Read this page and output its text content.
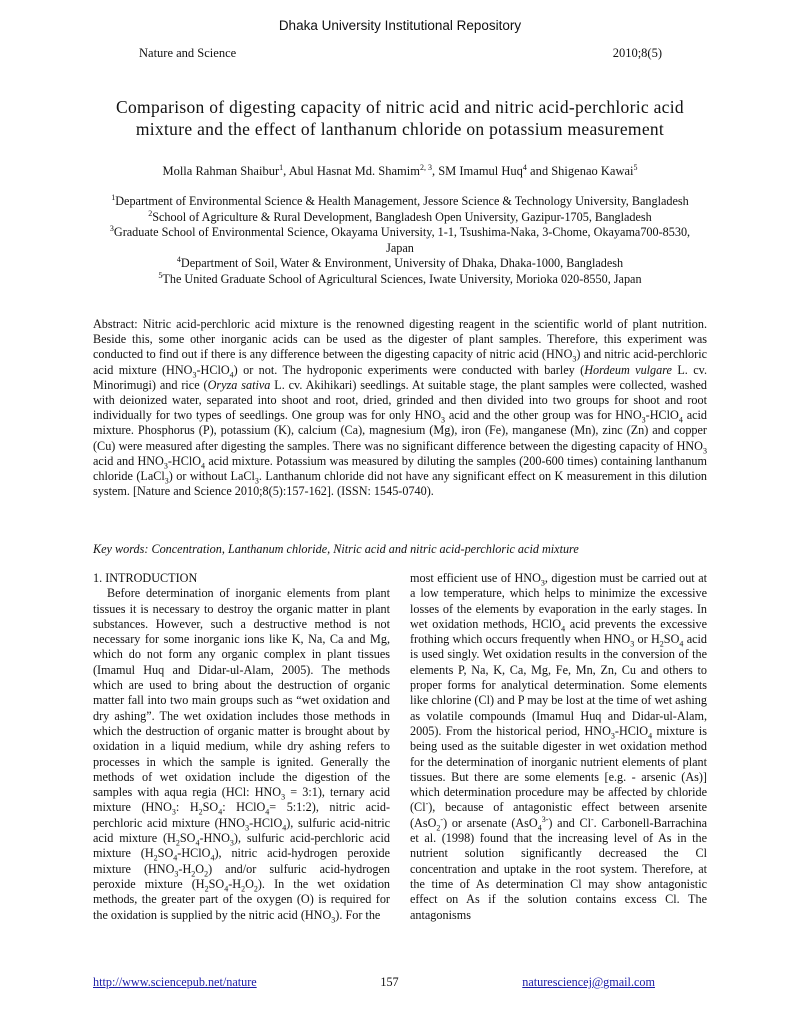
Dhaka University Institutional Repository
Nature and Science	2010;8(5)
Comparison of digesting capacity of nitric acid and nitric acid-perchloric acid
mixture and the effect of lanthanum chloride on potassium measurement
Molla Rahman Shaibur$^1$, Abul Hasnat Md. Shamim$^{2, 3}$, SM Imamul Huq$^4$ and Shigenao Kawai$^5$
$^1$Department of Environmental Science & Health Management, Jessore Science & Technology University, Bangladesh
$^2$School of Agriculture & Rural Development, Bangladesh Open University, Gazipur-1705, Bangladesh
$^3$Graduate School of Environmental Science, Okayama University, 1-1, Tsushima-Naka, 3-Chome, Okayama700-8530, Japan
$^4$Department of Soil, Water & Environment, University of Dhaka, Dhaka-1000, Bangladesh
$^5$The United Graduate School of Agricultural Sciences, Iwate University, Morioka 020-8550, Japan
Abstract: Nitric acid-perchloric acid mixture is the renowned digesting reagent in the scientific world of plant nutrition. Beside this, some other inorganic acids can be used as the digester of plant samples. Therefore, this experiment was conducted to find out if there is any difference between the digesting capacity of nitric acid $(HNO_3)$ and nitric acid-perchloric acid mixture $(HNO_3-HClO_4)$ or not. The hydroponic experiments were conducted with barley (Hordeum vulgare L. cv. Minorimugi) and rice (Oryza sativa L. cv. Akihikari) seedlings. At suitable stage, the plant samples were collected, washed with deionized water, separated into shoot and root, dried, grinded and then divided into two groups for shoot and root individually for two types of seedlings. One group was for only $HNO_3$ acid and the other group was for $HNO_3-HClO_4$ acid mixture. Phosphorus (P), potassium (K), calcium (Ca), magnesium (Mg), iron (Fe), manganese (Mn), zinc (Zn) and copper (Cu) were measured after digesting the samples. There was no significant difference between the digesting capacity of $HNO_3$ acid and $HNO_3-HClO_4$ acid mixture. Potassium was measured by diluting the samples (200-600 times) containing lanthanum chloride (LaCl$_3$) or without LaCl$_3$. Lanthanum chloride did not have any significant effect on K measurement in this dilution system. [Nature and Science 2010;8(5):157-162]. (ISSN: 1545-0740).
Key words: Concentration, Lanthanum chloride, Nitric acid and nitric acid-perchloric acid mixture

1. INTRODUCTION

Before determination of inorganic elements from plant tissues it is necessary to destroy the organic matter in plant substances. However, such a destructive method is not necessary for some inorganic ions like K, Na, Ca and Mg, which do not form any organic complex in plant tissues (Imamul Huq and Didar-ul-Alam, 2005). The methods which are used to bring about the destruction of organic matter fall into two main groups such as “wet oxidation and dry ashing”. The wet oxidation includes those methods in which the destruction of organic matter is brought about by oxidation in a liquid medium, while dry ashing refers to processes in which the sample is ignited. Generally the methods of wet oxidation include the digestion of the samples with aqua regia (HCl: $HNO_3$ = 3:1), ternary acid mixture ($HNO_3$: $H_2SO_4$: HClO$_4$= 5:1:2), nitric acid-perchloric acid mixture $(HNO_3-HClO_4)$, sulfuric acid-nitric acid mixture $(H_2SO_4-HNO_3)$, sulfuric acid-perchloric acid mixture $(H_2SO_4-HClO_4)$, nitric acid-hydrogen peroxide mixture $(HNO_3-H_2O_2)$ and/or sulfuric acid-hydrogen peroxide mixture $(H_2SO_4-H_2O_2)$. In the wet oxidation methods, the greater part of the oxygen (O) is required for the oxidation is supplied by the nitric acid $(HNO_3)$. For the

most efficient use of $HNO_3$, digestion must be carried out at a low temperature, which helps to minimize the excessive losses of the elements by evaporation in the early stages. In wet oxidation methods, HClO$_4$ acid prevents the excessive frothing which occurs frequently when $HNO_3$ or $H_2SO_4$ acid is used singly. Wet oxidation results in the conversion of the elements P, Na, K, Ca, Mg, Fe, Mn, Zn, Cu and others to proper forms for analytical determination. Some elements like chlorine (Cl) and P may be lost at the time of wet ashing as volatile compounds (Imamul Huq and Didar-ul-Alam, 2005). From the historical period, $HNO_3-HClO_4$ mixture is being used as the suitable digester in wet oxidation method for the determination of inorganic nutrient elements of plant tissues. But there are some elements [e.g. - arsenic (As)] which determination procedure may be affected by chloride (Cl-), because of antagonistic effect between arsenite (AsO$_2$-) or arsenate (AsO$_4^{3-}$) and Cl-. Carbonell-Barrachina et al. (1998) found that the increasing level of As in the nutrient solution significantly decreased the Cl concentration and uptake in the root system. Therefore, at the time of As determination Cl may show antagonistic effect on As if the solution contains excess Cl. The antagonisms

http://www.sciencepub.net/nature	157	naturesciencej@gmail.com
